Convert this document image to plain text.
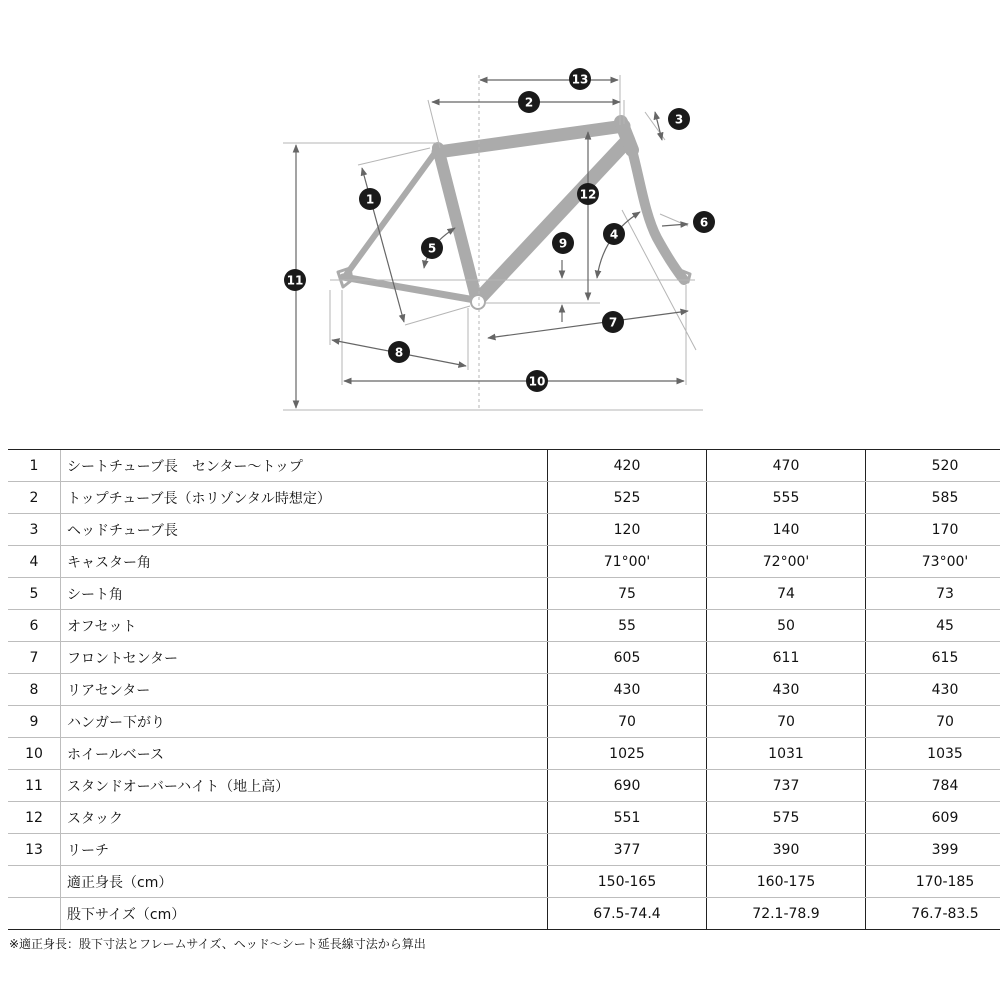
13
2
3
1	12
6
4
9
5
11
7
8
10
1	シートチューブ長　センター〜トップ	420	470	520
2	トップチューブ長（ホリゾンタル時想定）	525	555	585
3	ヘッドチューブ長	120	140	170
4	キャスター角	71°00'	72°00'	73°00'
5	シート角	75	74	73
6	オフセット	55	50	45
7	フロントセンター	605	611	615
8	リアセンター	430	430	430
9	ハンガー下がり	70	70	70
10	ホイールベース	1025	1031	1035
11	スタンドオーバーハイト（地上高）	690	737	784
12	スタック	551	575	609
13	リーチ	377	390	399
	適正身長（cm）	150-165	160-175	170-185
	股下サイズ（cm）	67.5-74.4	72.1-78.9	76.7-83.5
※適正身長：股下寸法とフレームサイズ、ヘッド〜シート延長線寸法から算出
